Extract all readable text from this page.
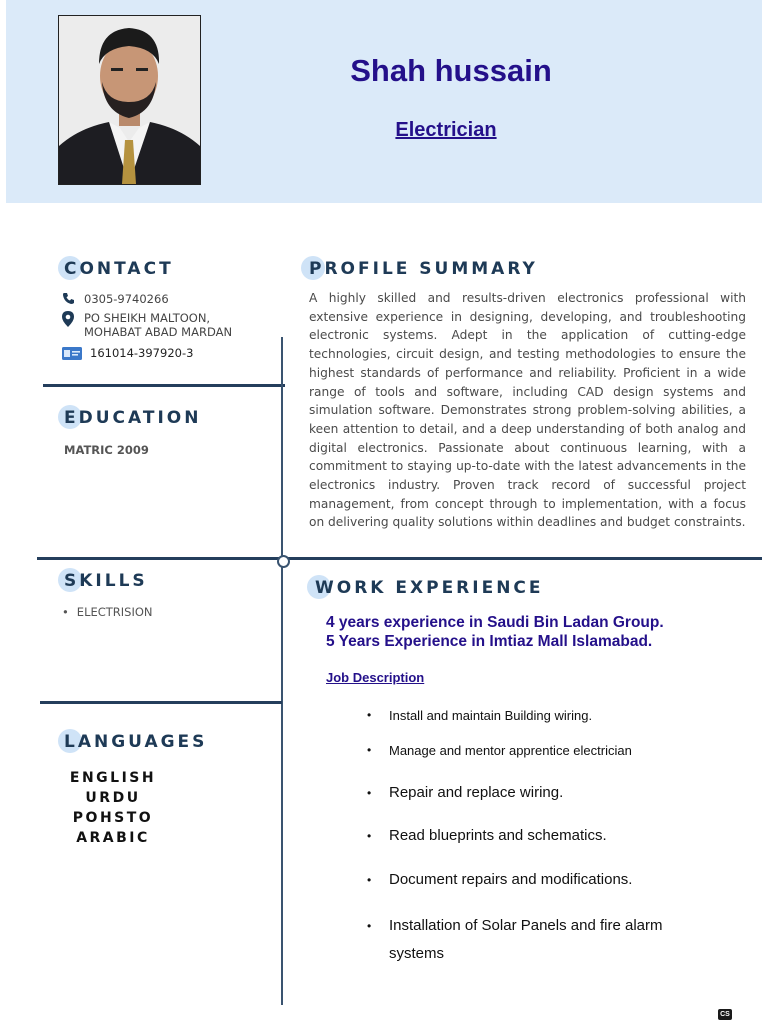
Shah hussain
Electrician
CONTACT
0305-9740266
PO SHEIKH MALTOON,
MOHABAT ABAD MARDAN
161014-397920-3
EDUCATION
MATRIC 2009
PROFILE SUMMARY
A highly skilled and results-driven electronics professional with extensive experience in designing, developing, and troubleshooting electronic systems. Adept in the application of cutting-edge technologies, circuit design, and testing methodologies to ensure the highest standards of performance and reliability. Proficient in a wide range of tools and software, including CAD design systems and simulation software. Demonstrates strong problem-solving abilities, a keen attention to detail, and a deep understanding of both analog and digital electronics. Passionate about continuous learning, with a commitment to staying up-to-date with the latest advancements in the electronics industry. Proven track record of successful project management, from concept through to implementation, with a focus on delivering quality solutions within deadlines and budget constraints.
SKILLS
• ELECTRISION
LANGUAGES
ENGLISH
URDU
POHSTO
ARABIC
WORK EXPERIENCE
4 years experience in Saudi Bin Ladan Group.
5 Years Experience in Imtiaz Mall Islamabad.
Job Description
• Install and maintain Building wiring.
• Manage and mentor apprentice electrician
• Repair and replace wiring.
• Read blueprints and schematics.
• Document repairs and modifications.
• Installation of Solar Panels and fire alarm systems
CS
